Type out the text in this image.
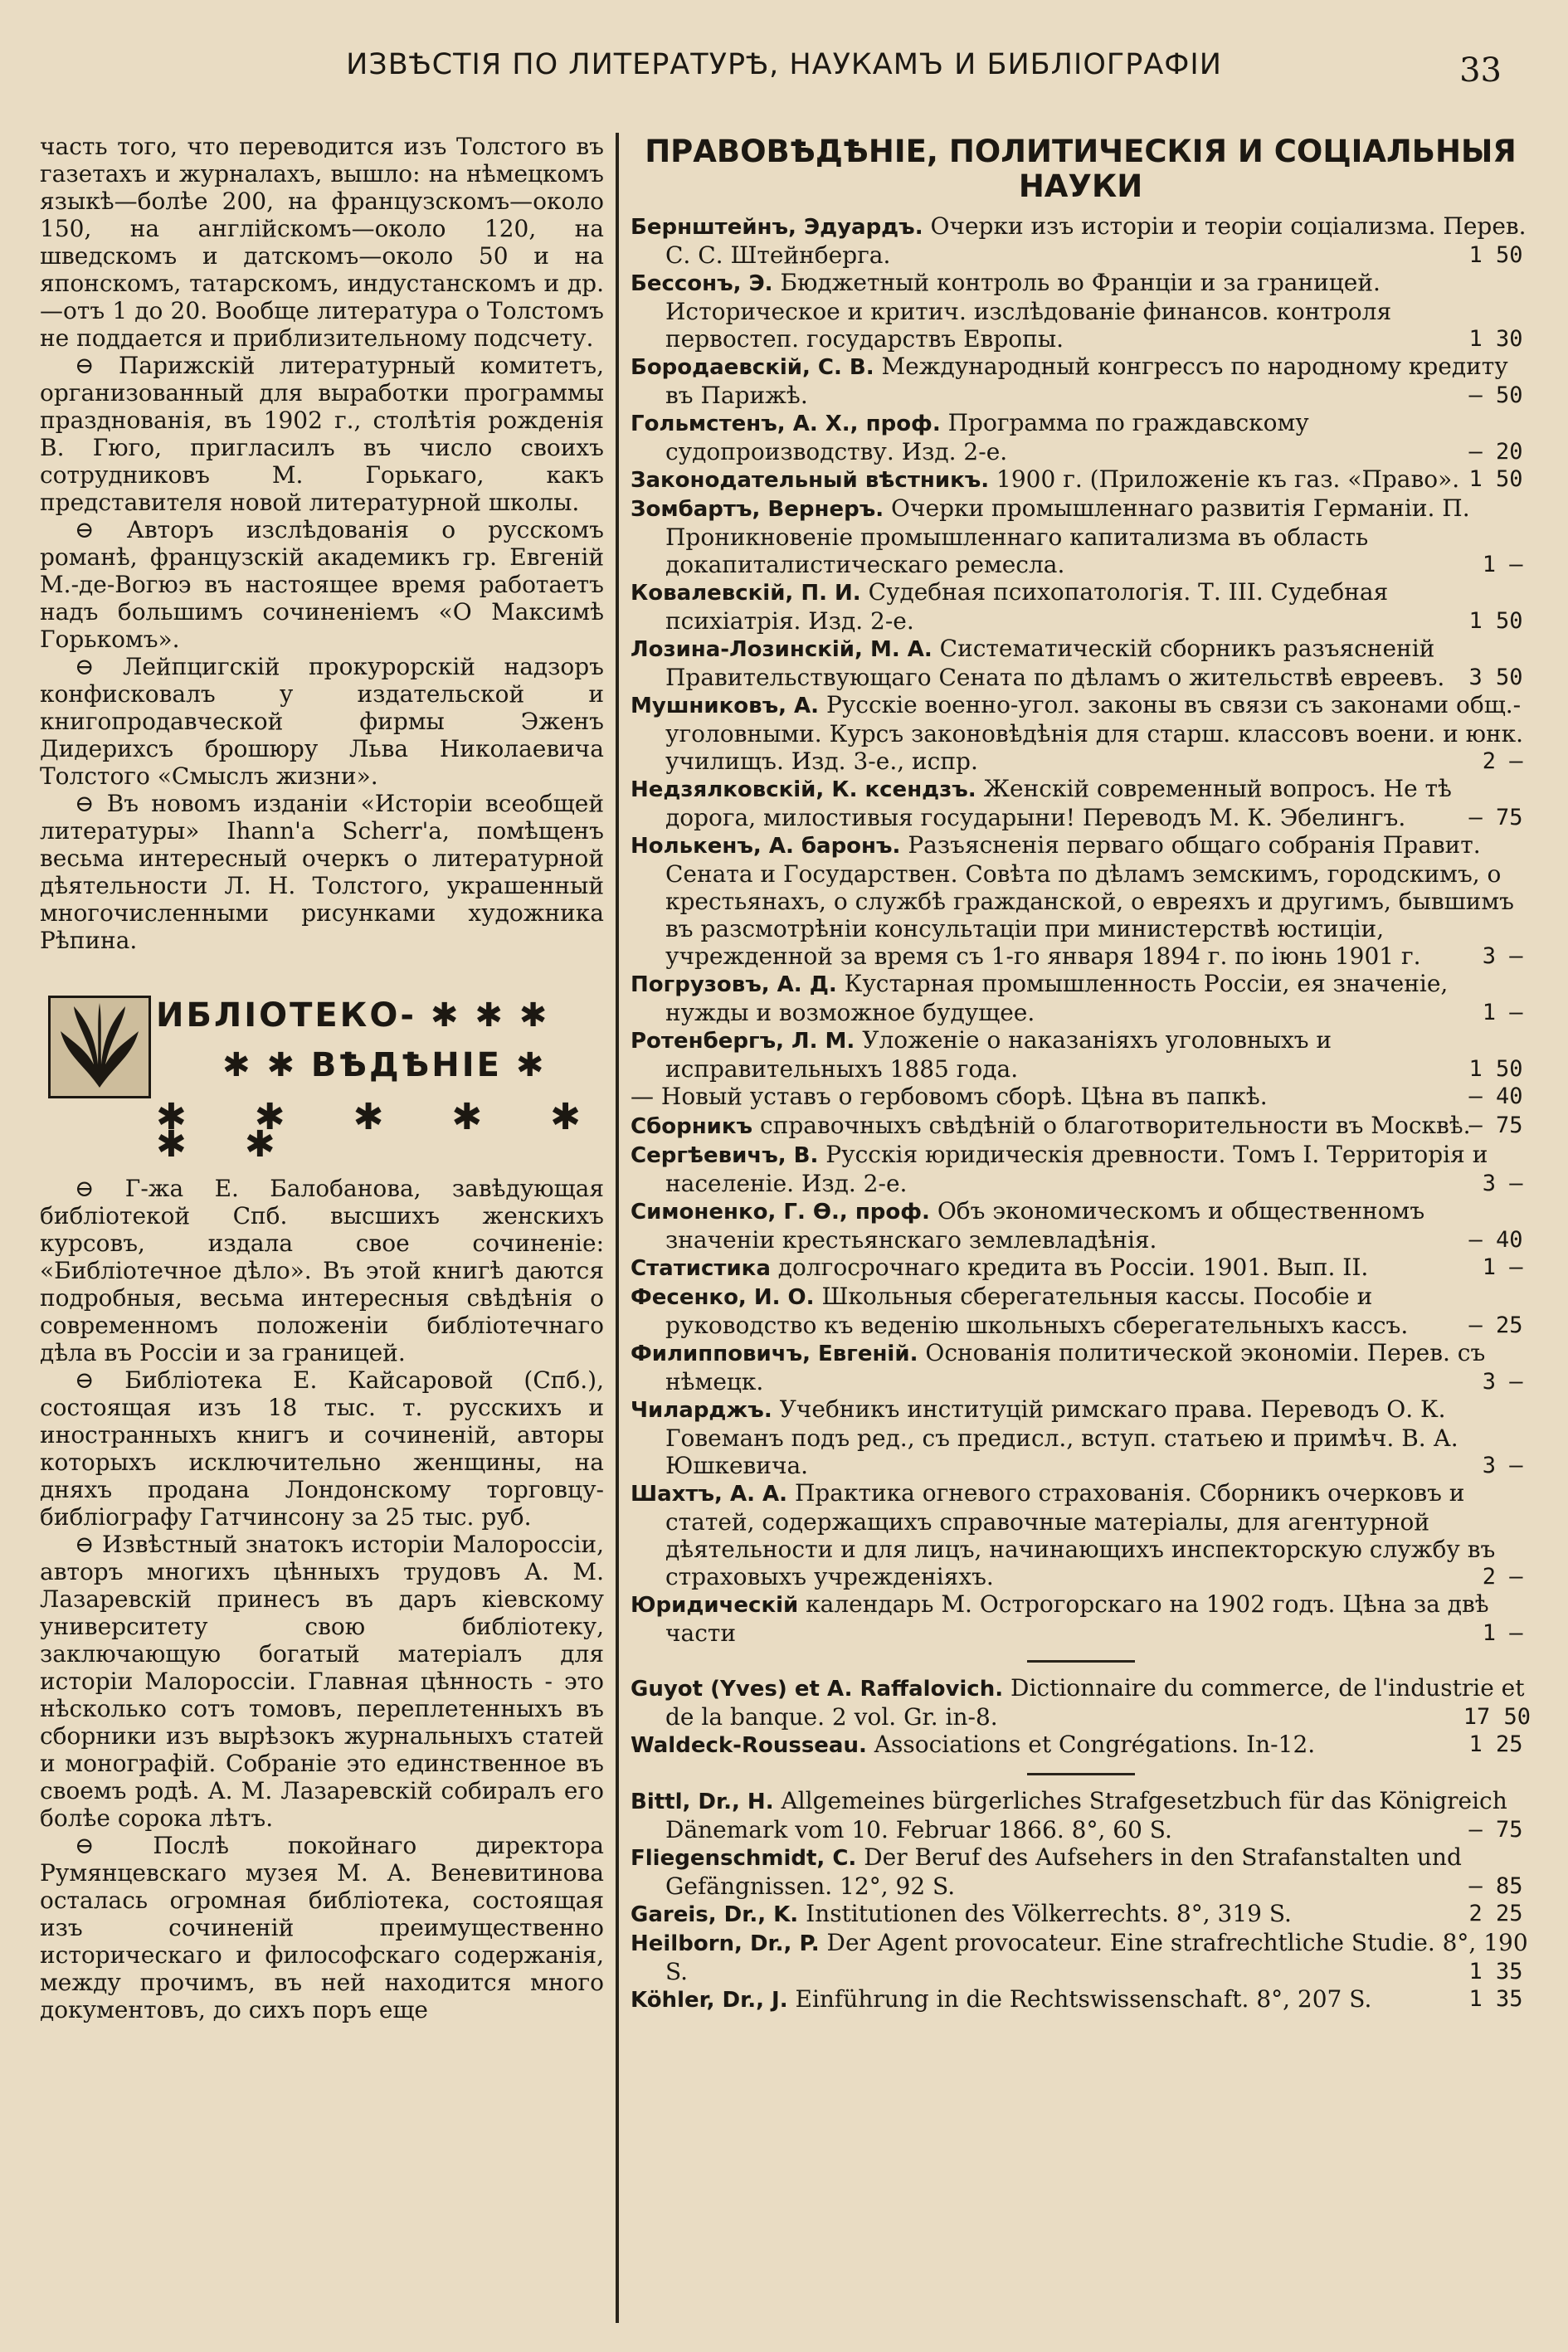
ИЗВѢСТІЯ ПО ЛИТЕРАТУРѢ, НАУКАМЪ И БИБЛІОГРАФІИ	33

часть того, что переводится изъ Толстого въ газетахъ и журналахъ, вышло: на нѣмецкомъ языкѣ—болѣе 200, на французскомъ—около 150, на англійскомъ—около 120, на шведскомъ и датскомъ—около 50 и на японскомъ, татарскомъ, индустанскомъ и др.—отъ 1 до 20. Вообще литература о Толстомъ не поддается и приблизительному подсчету.

⊖ Парижскій литературный комитетъ, организованный для выработки программы празднованія, въ 1902 г., столѣтія рожденія В. Гюго, пригласилъ въ число своихъ сотрудниковъ М. Горькаго, какъ представителя новой литературной школы.

⊖ Авторъ изслѣдованія о русскомъ романѣ, французскій академикъ гр. Евгеній М.-де-Вогюэ въ настоящее время работаетъ надъ большимъ сочиненіемъ «О Максимѣ Горькомъ».

⊖ Лейпцигскій прокурорскій надзоръ конфисковалъ у издательской и книгопродавческой фирмы Эженъ Дидерихсъ брошюру Льва Николаевича Толстого «Смыслъ жизни».

⊖ Въ новомъ изданіи «Исторіи всеобщей литературы» Іhann'a Scherr'a, помѣщенъ весьма интересный очеркъ о литературной дѣятельности Л. Н. Толстого, украшенный многочисленными рисунками художника Рѣпина.

ИБЛІОТЕКО- ✱ ✱ ✱
✱ ✱ ВѢДѢНІЕ ✱
✱ ✱ ✱ ✱ ✱ ✱ ✱

⊖ Г-жа Е. Балобанова, завѣдующая библіотекой Спб. высшихъ женскихъ курсовъ, издала свое сочиненіе: «Библіотечное дѣло». Въ этой книгѣ даются подробныя, весьма интересныя свѣдѣнія о современномъ положеніи библіотечнаго дѣла въ Россіи и за границей.

⊖ Библіотека Е. Кайсаровой (Спб.), состоящая изъ 18 тыс. т. русскихъ и иностранныхъ книгъ и сочиненій, авторы которыхъ исключительно женщины, на дняхъ продана Лондонскому торговцу-библіографу Гатчинсону за 25 тыс. руб.

⊖ Извѣстный знатокъ исторіи Малороссіи, авторъ многихъ цѣнныхъ трудовъ А. М. Лазаревскій принесъ въ даръ кіевскому университету свою библіотеку, заключающую богатый матеріалъ для исторіи Малороссіи. Главная цѣнность - это нѣсколько сотъ томовъ, переплетенныхъ въ сборники изъ вырѣзокъ журнальныхъ статей и монографій. Собраніе это единственное въ своемъ родѣ. А. М. Лазаревскій собиралъ его болѣе сорока лѣтъ.

⊖ Послѣ покойнаго директора Румянцевскаго музея М. А. Веневитинова осталась огромная библіотека, состоящая изъ сочиненій преимущественно историческаго и философскаго содержанія, между прочимъ, въ ней находится много документовъ, до сихъ поръ еще

ПРАВОВѢДѢНІЕ, ПОЛИТИЧЕСКІЯ И СОЦІАЛЬНЫЯ НАУКИ

Бернштейнъ, Эдуардъ. Очерки изъ исторіи и теоріи соціализма. Перев. С. С. Штейнберга.	1 50

Бессонъ, Э. Бюджетный контроль во Франціи и за границей. Историческое и критич. изслѣдованіе финансов. контроля первостеп. государствъ Европы.	1 30

Бородаевскій, С. В. Международный конгрессъ по народному кредиту въ Парижѣ.	— 50

Гольмстенъ, А. Х., проф. Программа по граждавскому судопроизводству. Изд. 2-е.	— 20

Законодательный вѣстникъ. 1900 г. (Приложеніе къ газ. «Право». 1 50

Зомбартъ, Вернеръ. Очерки промышленнаго развитія Германіи. П. Проникновеніе промышленнаго капитализма въ область докапиталистическаго ремесла.	1 —

Ковалевскій, П. И. Судебная психопатологія. Т. III. Судебная психіатрія. Изд. 2-е.	1 50

Лозина-Лозинскій, М. А. Систематическій сборникъ разъясненій Правительствующаго Сената по дѣламъ о жительствѣ евреевъ. 3 50

Мушниковъ, А. Русскіе военно-угол. законы въ связи съ законами общ.-уголовными. Курсъ законовѣдѣнія для старш. классовъ воени. и юнк. училищъ. Изд. 3-е., испр.	2 —

Недзялковскій, К. ксендзъ. Женскій современный вопросъ. Не тѣ дорога, милостивыя государыни! Переводъ М. К. Эбелингъ.	— 75

Нолькенъ, А. баронъ. Разъясненія перваго общаго собранія Правит. Сената и Государствен. Совѣта по дѣламъ земскимъ, городскимъ, о крестьянахъ, о службѣ гражданской, о евреяхъ и другимъ, бывшимъ въ разсмотрѣніи консультаціи при министерствѣ юстиціи, учрежденной за время съ 1-го января 1894 г. по іюнь 1901 г.	3 —

Погрузовъ, А. Д. Кустарная промышленность Россіи, ея значеніе, нужды и возможное будущее.	1 —

Ротенбергъ, Л. М. Уложеніе о наказаніяхъ уголовныхъ и исправительныхъ 1885 года.	1 50

— Новый уставъ о гербовомъ сборѣ. Цѣна въ папкѣ.	— 40

Сборникъ справочныхъ свѣдѣній о благотворительности въ Москвѣ.
— 75

Сергѣевичъ, В. Русскія юридическія древности. Томъ I. Территорія и населеніе. Изд. 2-е.	3 —

Симоненко, Г. Ѳ., проф. Объ экономическомъ и общественномъ значеніи крестьянскаго землевладѣнія.	— 40

Статистика долгосрочнаго кредита въ Россіи. 1901. Вып. II.	1 —

Фесенко, И. О. Школьныя сберегательныя кассы. Пособіе и руководство къ веденію школьныхъ сберегательныхъ кассъ.	— 25

Филипповичъ, Евгеній. Основанія политической экономіи. Перев. съ нѣмецк.	3 —

Чиларджъ. Учебникъ институцій римскаго права. Переводъ О. К. Говеманъ подъ ред., съ предисл., вступ. статьею и примѣч. В. А. Юшкевича.	3 —

Шахтъ, А. А. Практика огневого страхованія. Сборникъ очерковъ и статей, содержащихъ справочные матеріалы, для агентурной дѣятельности и для лицъ, начинающихъ инспекторскую службу въ страховыхъ учрежденіяхъ.	2 —

Юридическій календарь М. Острогорскаго на 1902 годъ. Цѣна за двѣ части	1 —

Guyot (Yves) et A. Raffalovich. Dictionnaire du commerce, de l'industrie et de la banque. 2 vol. Gr. in-8.	17 50

Waldeck-Rousseau. Associations et Congrégations. In-12.	1 25

Bittl, Dr., H. Allgemeines bürgerliches Strafgesetzbuch für das Königreich Dänemark vom 10. Februar 1866. 8°, 60 S.	— 75

Fliegenschmidt, C. Der Beruf des Aufsehers in den Strafanstalten und Gefängnissen. 12°, 92 S.	— 85

Gareis, Dr., K. Institutionen des Völkerrechts. 8°, 319 S.	2 25

Heilborn, Dr., P. Der Agent provocateur. Eine strafrechtliche Studie. 8°, 190 S.	1 35

Köhler, Dr., J. Einführung in die Rechtswissenschaft. 8°, 207 S.	1 35
